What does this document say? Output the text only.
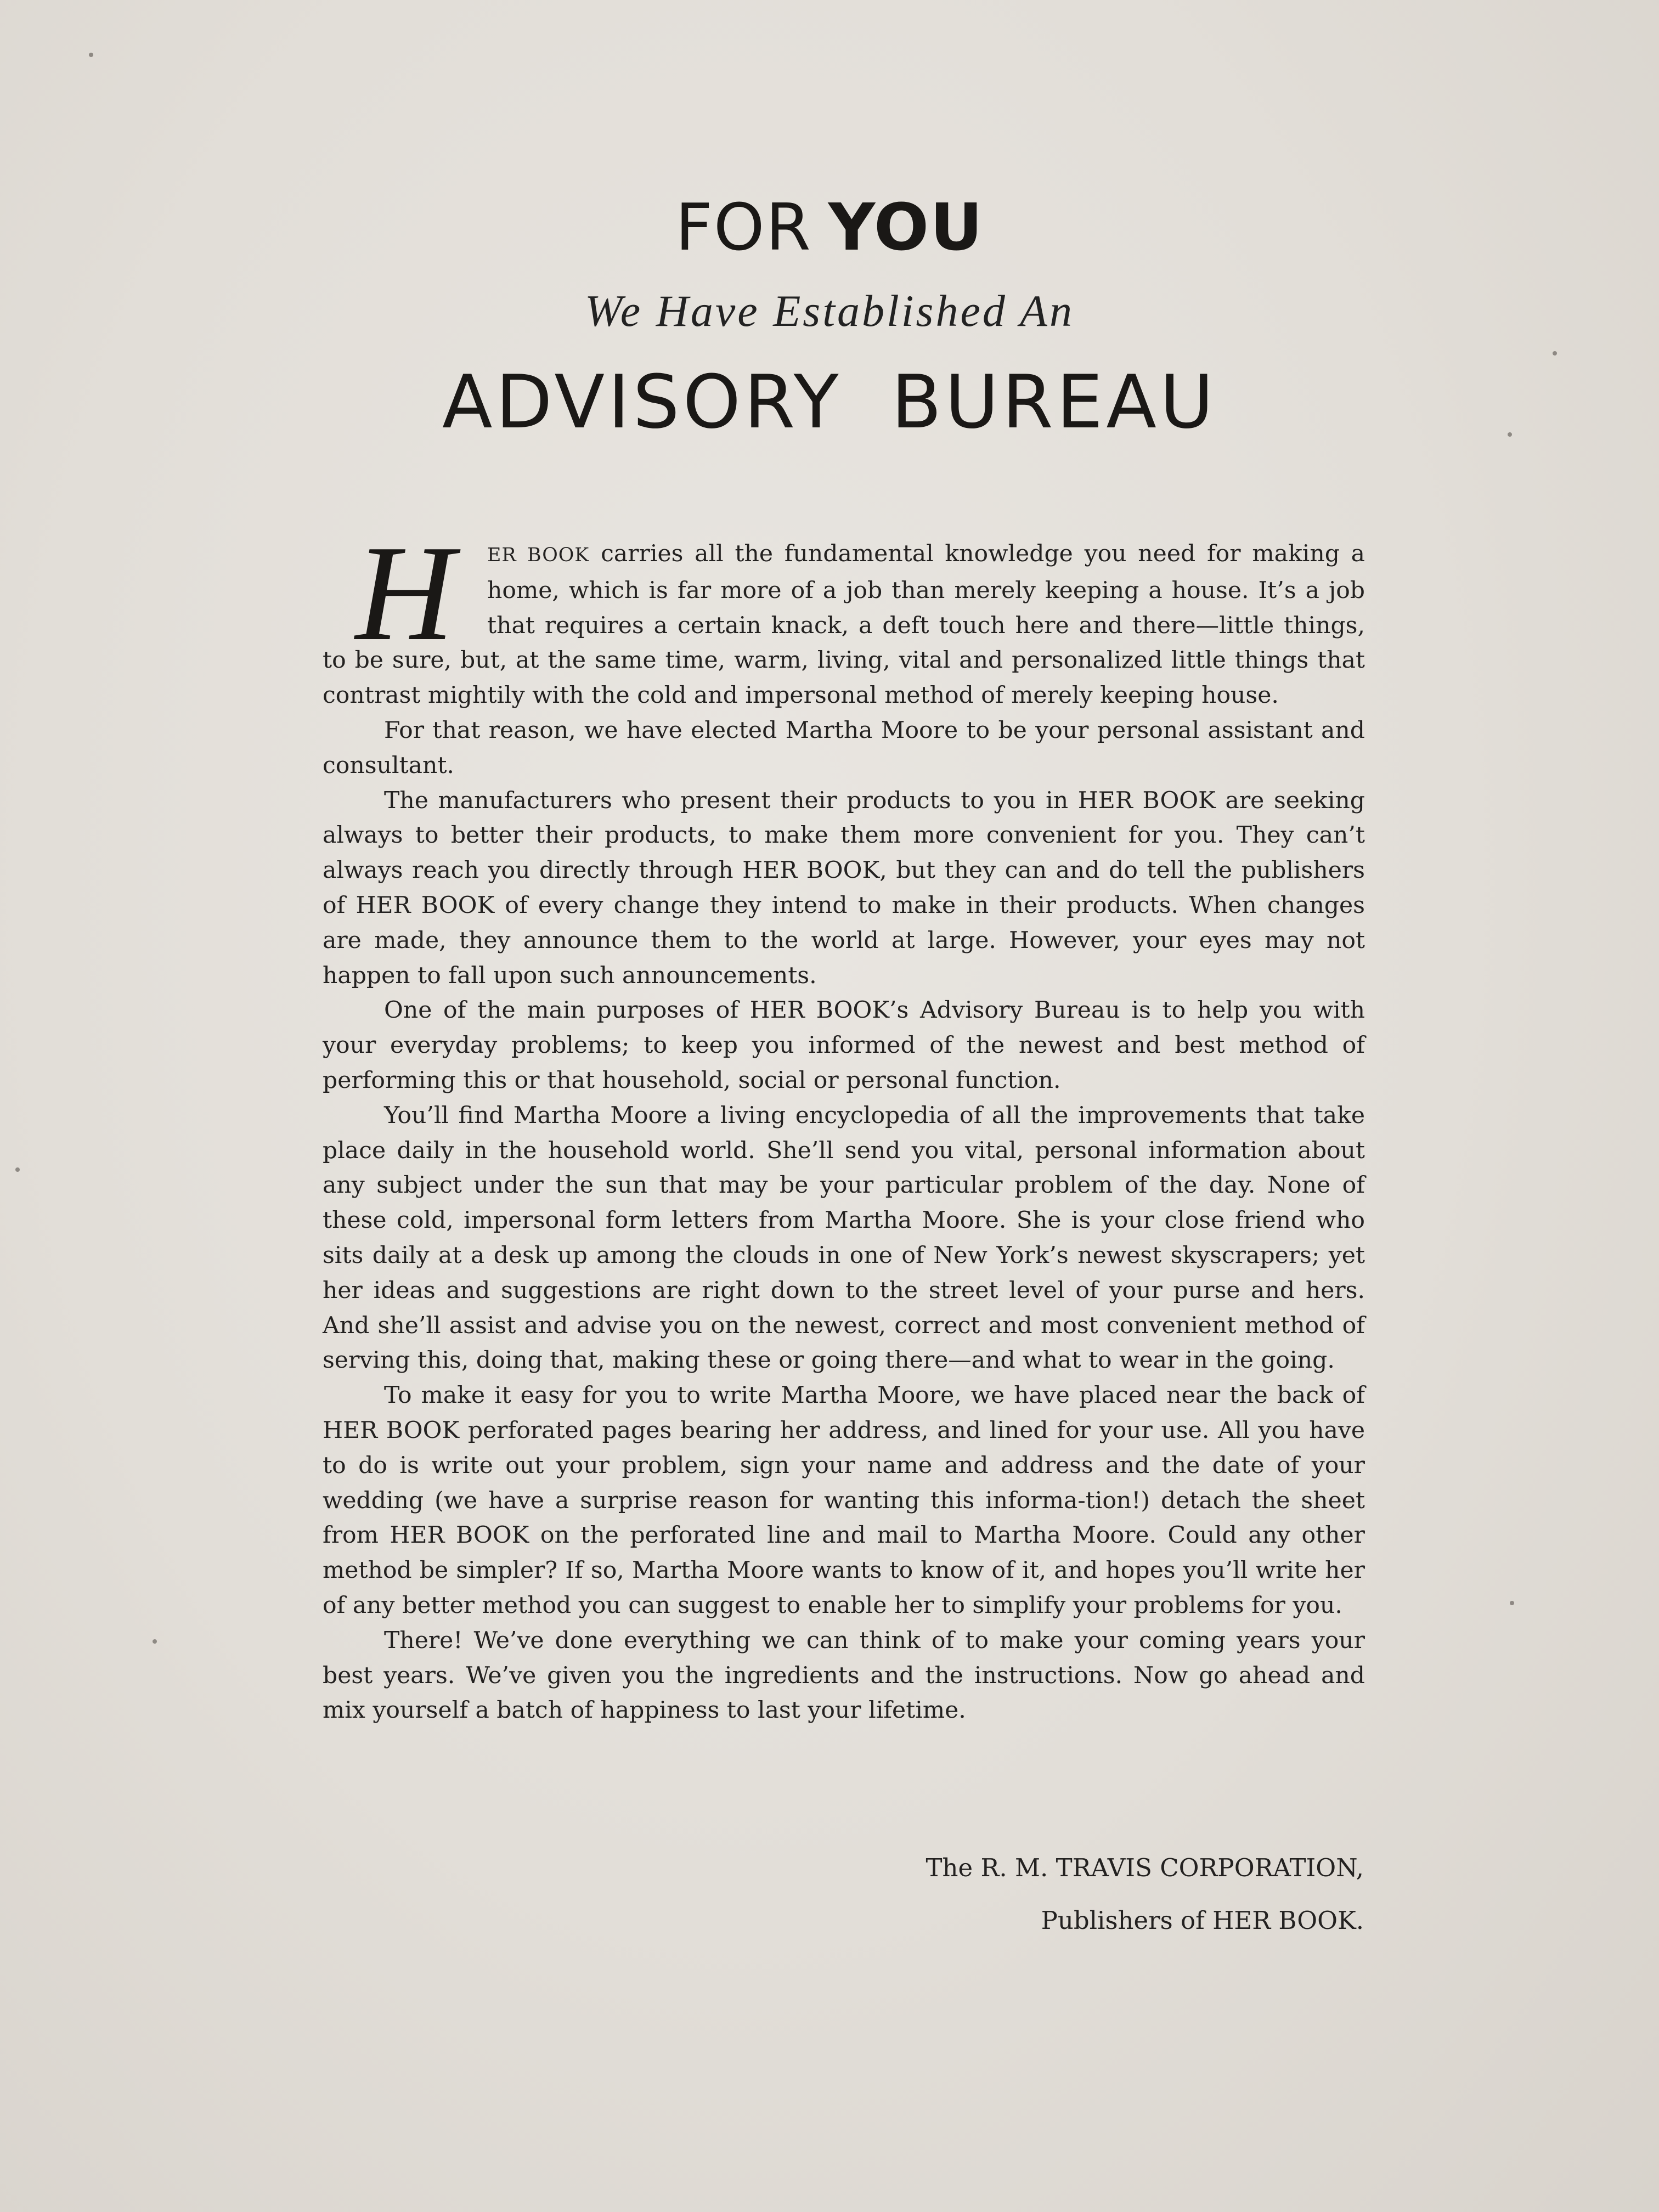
FOR YOU
We Have Established An
ADVISORY BUREAU

H	ER BOOK carries all the fundamental knowledge you need for making a home, which is far more of a job than merely keeping a house. It’s a job that requires a certain knack, a deft touch here and there—little things, to be sure, but, at the same time, warm, living, vital and personalized little things that contrast mightily with the cold and impersonal method of merely keeping house.

For that reason, we have elected Martha Moore to be your personal assistant and consultant.

The manufacturers who present their products to you in HER BOOK are seeking always to better their products, to make them more convenient for you. They can’t always reach you directly through HER BOOK, but they can and do tell the publishers of HER BOOK of every change they intend to make in their products. When changes are made, they announce them to the world at large. However, your eyes may not happen to fall upon such announcements.

One of the main purposes of HER BOOK’s Advisory Bureau is to help you with your everyday problems; to keep you informed of the newest and best method of performing this or that household, social or personal function.

You’ll find Martha Moore a living encyclopedia of all the improvements that take place daily in the household world. She’ll send you vital, personal information about any subject under the sun that may be your particular problem of the day. None of these cold, impersonal form letters from Martha Moore. She is your close friend who sits daily at a desk up among the clouds in one of New York’s newest skyscrapers; yet her ideas and suggestions are right down to the street level of your purse and hers. And she’ll assist and advise you on the newest, correct and most convenient method of serving this, doing that, making these or going there—and what to wear in the going.

To make it easy for you to write Martha Moore, we have placed near the back of HER BOOK perforated pages bearing her address, and lined for your use. All you have to do is write out your problem, sign your name and address and the date of your wedding (we have a surprise reason for wanting this informa-tion!) detach the sheet from HER BOOK on the perforated line and mail to Martha Moore. Could any other method be simpler? If so, Martha Moore wants to know of it, and hopes you’ll write her of any better method you can suggest to enable her to simplify your problems for you.

There! We’ve done everything we can think of to make your coming years your best years. We’ve given you the ingredients and the instructions. Now go ahead and mix yourself a batch of happiness to last your lifetime.

The R. M. TRAVIS CORPORATION,
Publishers of HER BOOK.
